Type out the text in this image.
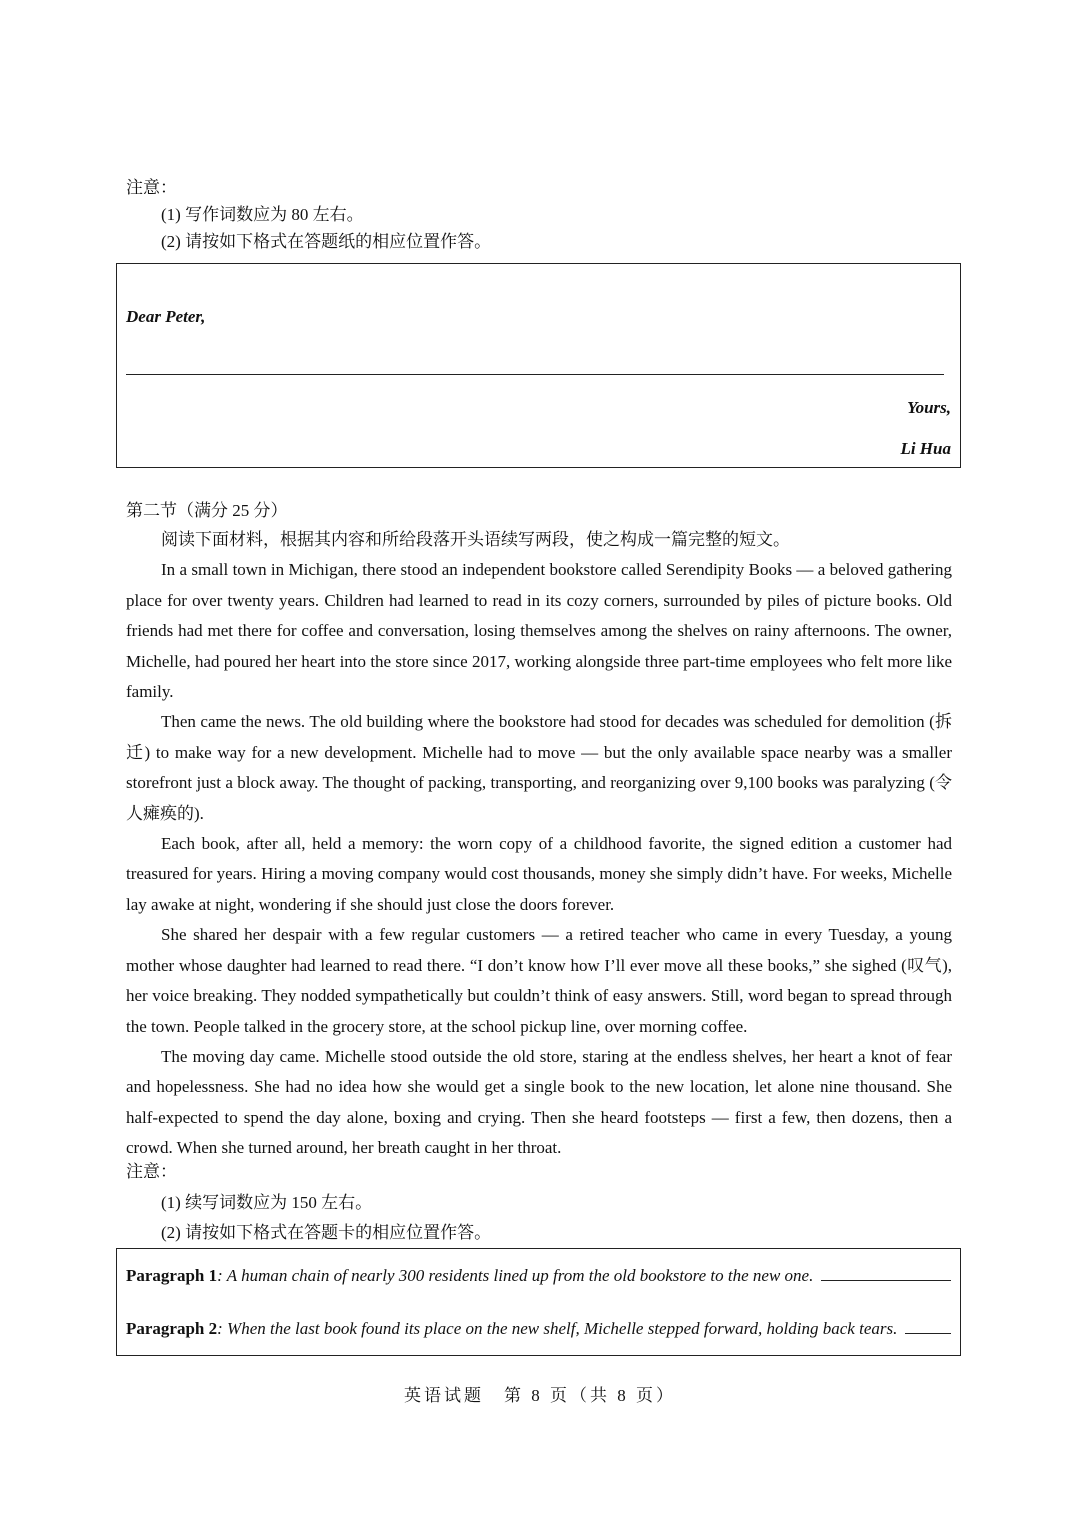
注意：
(1) 写作词数应为 80 左右。
(2) 请按如下格式在答题纸的相应位置作答。
Dear Peter,
Yours,
Li Hua
第二节（满分 25 分）

阅读下面材料，根据其内容和所给段落开头语续写两段，使之构成一篇完整的短文。

In a small town in Michigan, there stood an independent bookstore called Serendipity Books — a beloved gathering place for over twenty years. Children had learned to read in its cozy corners, surrounded by piles of picture books. Old friends had met there for coffee and conversation, losing themselves among the shelves on rainy afternoons. The owner, Michelle, had poured her heart into the store since 2017, working alongside three part-time employees who felt more like family.

Then came the news. The old building where the bookstore had stood for decades was scheduled for demolition (拆迁) to make way for a new development. Michelle had to move — but the only available space nearby was a smaller storefront just a block away. The thought of packing, transporting, and reorganizing over 9,100 books was paralyzing (令人瘫痪的).

Each book, after all, held a memory: the worn copy of a childhood favorite, the signed edition a customer had treasured for years. Hiring a moving company would cost thousands, money she simply didn’t have. For weeks, Michelle lay awake at night, wondering if she should just close the doors forever.

She shared her despair with a few regular customers — a retired teacher who came in every Tuesday, a young mother whose daughter had learned to read there. “I don’t know how I’ll ever move all these books,” she sighed (叹气), her voice breaking. They nodded sympathetically but couldn’t think of easy answers. Still, word began to spread through the town. People talked in the grocery store, at the school pickup line, over morning coffee.

The moving day came. Michelle stood outside the old store, staring at the endless shelves, her heart a knot of fear and hopelessness. She had no idea how she would get a single book to the new location, let alone nine thousand. She half-expected to spend the day alone, boxing and crying. Then she heard footsteps — first a few, then dozens, then a crowd. When she turned around, her breath caught in her throat.

注意：
(1) 续写词数应为 150 左右。
(2) 请按如下格式在答题卡的相应位置作答。
Paragraph 1 : A human chain of nearly 300 residents lined up from the old bookstore to the new one.
Paragraph 2 : When the last book found its place on the new shelf, Michelle stepped forward, holding back tears.
英语试题　第 8 页（共 8 页）
